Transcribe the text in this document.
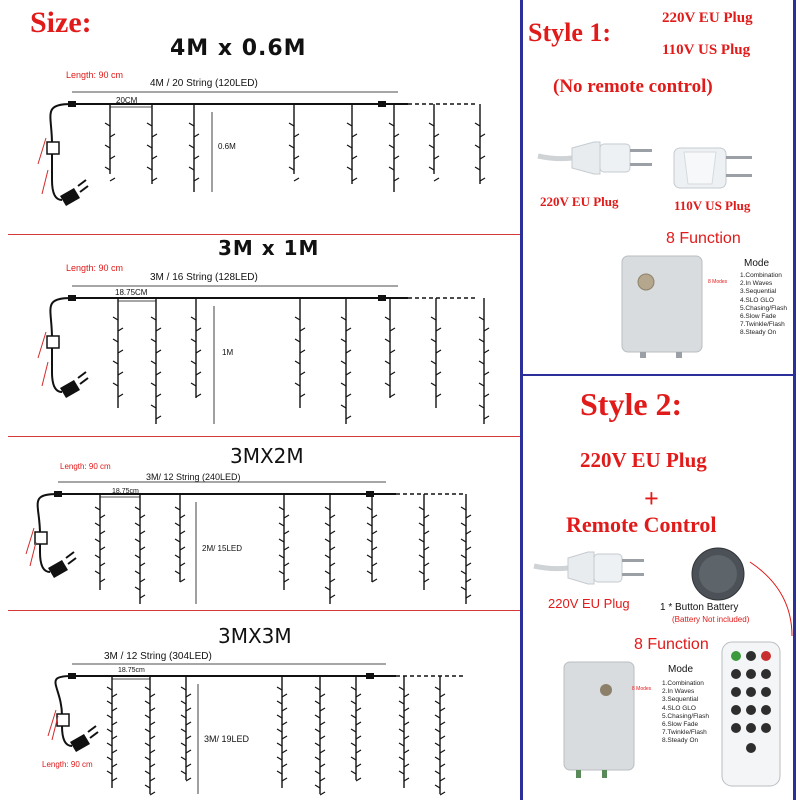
Size:
4M x 0.6M
Length: 90 cm
4M / 20 String (120LED)
20CM
0.6M
3M x 1M
Length: 90 cm
3M / 16 String (128LED)
18.75CM
1M
3MX2M
Length: 90 cm
3M/ 12 String (240LED)
18.75cm
2M/ 15LED
3MX3M
3M / 12 String (304LED)
18.75cm
3M/ 19LED
Length: 90 cm
Style 1:	220V EU Plug
110V US Plug
(No remote control)
220V EU Plug	110V US Plug
8 Function
8 Modes
Mode
1.Combination
2.In Waves
3.Sequential
4.SLO GLO
5.Chasing/Flash
6.Slow Fade
7.Twinkle/Flash
8.Steady On
Style 2:
220V EU Plug
+
Remote Control
220V EU Plug	1 * Button Battery
(Battery Not included)
8 Function
8 Modes
Mode
1.Combination
2.In Waves
3.Sequential
4.SLO GLO
5.Chasing/Flash
6.Slow Fade
7.Twinkle/Flash
8.Steady On
